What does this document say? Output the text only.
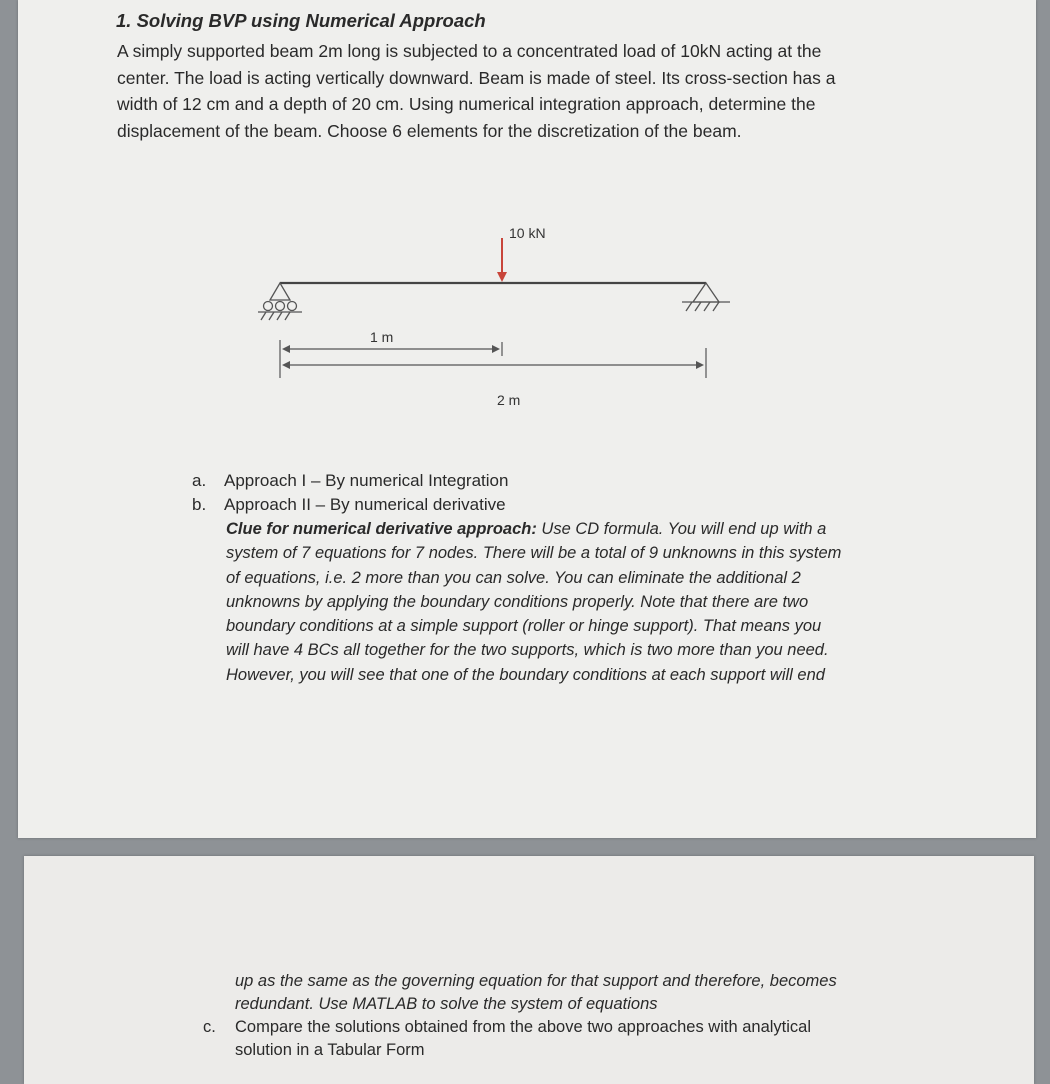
1. Solving BVP using Numerical Approach
A simply supported beam 2m long is subjected to a concentrated load of 10kN acting at the
center. The load is acting vertically downward. Beam is made of steel. Its cross-section has a
width of 12 cm and a depth of 20 cm. Using numerical integration approach, determine the
displacement of the beam. Choose 6 elements for the discretization of the beam.
10 kN
1 m
2 m
a.	Approach I – By numerical Integration
b.	Approach II – By numerical derivative
Clue for numerical derivative approach: Use CD formula. You will end up with a
system of 7 equations for 7 nodes. There will be a total of 9 unknowns in this system
of equations, i.e. 2 more than you can solve. You can eliminate the additional 2
unknowns by applying the boundary conditions properly. Note that there are two
boundary conditions at a simple support (roller or hinge support). That means you
will have 4 BCs all together for the two supports, which is two more than you need.
However, you will see that one of the boundary conditions at each support will end
up as the same as the governing equation for that support and therefore, becomes
redundant. Use MATLAB to solve the system of equations
c. Compare the solutions obtained from the above two approaches with analytical
solution in a Tabular Form
